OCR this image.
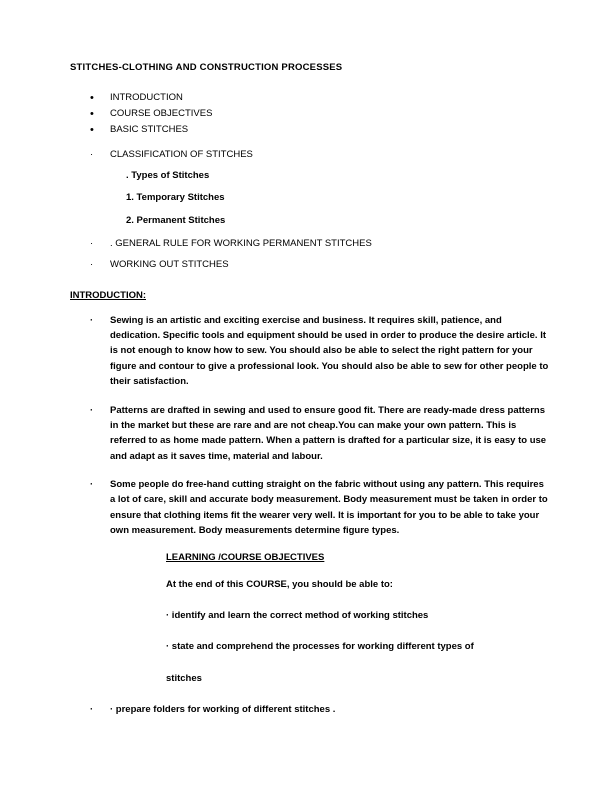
STITCHES-CLOTHING AND CONSTRUCTION PROCESSES
• INTRODUCTION
• COURSE OBJECTIVES
• BASIC STITCHES
· CLASSIFICATION OF STITCHES
. Types of Stitches
1. Temporary Stitches
2. Permanent Stitches
· . GENERAL RULE FOR WORKING PERMANENT STITCHES
· WORKING OUT STITCHES
INTRODUCTION:
· Sewing is an artistic and exciting exercise and business. It requires skill, patience, and dedication. Specific tools and equipment should be used in order to produce the desire article. It is not enough to know how to sew. You should also be able to select the right pattern for your figure and contour to give a professional look. You should also be able to sew for other people to their satisfaction.
· Patterns are drafted in sewing and used to ensure good fit. There are ready-made dress patterns in the market but these are rare and are not cheap.You can make your own pattern. This is referred to as home made pattern. When a pattern is drafted for a particular size, it is easy to use and adapt as it saves time, material and labour.
· Some people do free-hand cutting straight on the fabric without using any pattern. This requires a lot of care, skill and accurate body measurement. Body measurement must be taken in order to ensure that clothing items fit the wearer very well. It is important for you to be able to take your own measurement. Body measurements determine figure types.
LEARNING /COURSE OBJECTIVES
At the end of this COURSE, you should be able to:
· identify and learn the correct method of working stitches
· state and comprehend the processes for working different types of
stitches
· · prepare folders for working of different stitches .
